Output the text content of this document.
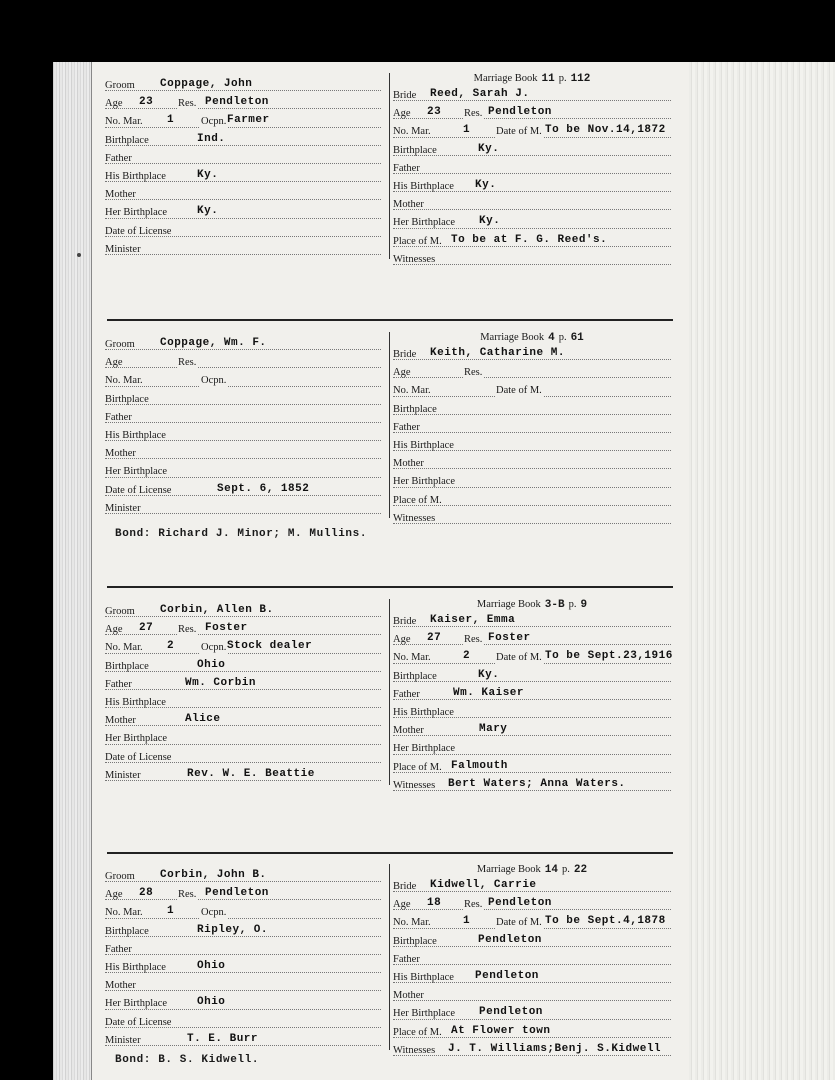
Groom Coppage, John
Age 23 Res. Pendleton
No. Mar. 1	Ocpn. Farmer
Birthplace	Ind.
Father
His Birthplace	Ky.
Mother
Her Birthplace	Ky.
Date of License
Minister
Marriage Book 11 p. 112
Bride Reed, Sarah J.
Age 23 Res. Pendleton
No. Mar.	1 Date of M. To be Nov.14,1872
Birthplace	Ky.
Father
His Birthplace Ky.
Mother
Her Birthplace Ky.
Place of M. To be at F. G. Reed's.
Witnesses
Groom Coppage, Wm. F.
Age	Res.
No. Mar.	Ocpn.
Birthplace
Father
His Birthplace
Mother
Her Birthplace
Date of License	Sept. 6, 1852
Minister
Marriage Book 4 p. 61
Bride Keith, Catharine M.
Age	Res.
No. Mar.	Date of M.
Birthplace
Father
His Birthplace
Mother
Her Birthplace
Place of M.
Witnesses
Groom Corbin, Allen B.
Age 27 Res. Foster
No. Mar. 2	Ocpn. Stock dealer
Birthplace	Ohio
Father	Wm. Corbin
His Birthplace
Mother	Alice
Her Birthplace
Date of License
Minister	Rev. W. E. Beattie
Marriage Book 3-B p. 9
Bride Kaiser, Emma
Age 27 Res. Foster
No. Mar.	2 Date of M. To be Sept.23,1916
Birthplace	Ky.
Father	Wm. Kaiser
His Birthplace
Mother	Mary
Her Birthplace
Place of M. Falmouth
Witnesses Bert Waters; Anna Waters.
Groom Corbin, John B.
Age 28 Res. Pendleton
No. Mar. 1	Ocpn.
Birthplace	Ripley, O.
Father
His Birthplace	Ohio
Mother
Her Birthplace	Ohio
Date of License
Minister	T. E. Burr
Marriage Book 14 p. 22
Bride Kidwell, Carrie
Age 18 Res. Pendleton
No. Mar.	1 Date of M. To be Sept.4,1878
Birthplace	Pendleton
Father
His Birthplace Pendleton
Mother
Her Birthplace Pendleton
Place of M. At Flower town
Witnesses J. T. Williams;Benj. S.Kidwell
Bond: Richard J. Minor; M. Mullins.
Bond: B. S. Kidwell.
